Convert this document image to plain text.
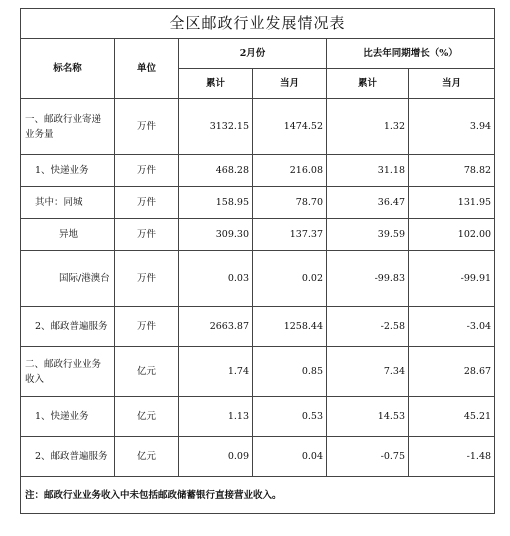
全区邮政行业发展情况表					
标名称	单位	2月份		比去年同期增长（%）	
		累计	当月	累计	当月
一、邮政行业寄递业务量	万件	3132.15	1474.52	1.32	3.94
1、快递业务	万件	468.28	216.08	31.18	78.82
其中：同城	万件	158.95	78.70	36.47	131.95
异地	万件	309.30	137.37	39.59	102.00
国际/港澳台	万件	0.03	0.02	-99.83	-99.91
2、邮政普遍服务	万件	2663.87	1258.44	-2.58	-3.04
二、邮政行业业务收入	亿元	1.74	0.85	7.34	28.67
1、快递业务	亿元	1.13	0.53	14.53	45.21
2、邮政普遍服务	亿元	0.09	0.04	-0.75	-1.48
注：邮政行业业务收入中未包括邮政储蓄银行直接营业收入。					
